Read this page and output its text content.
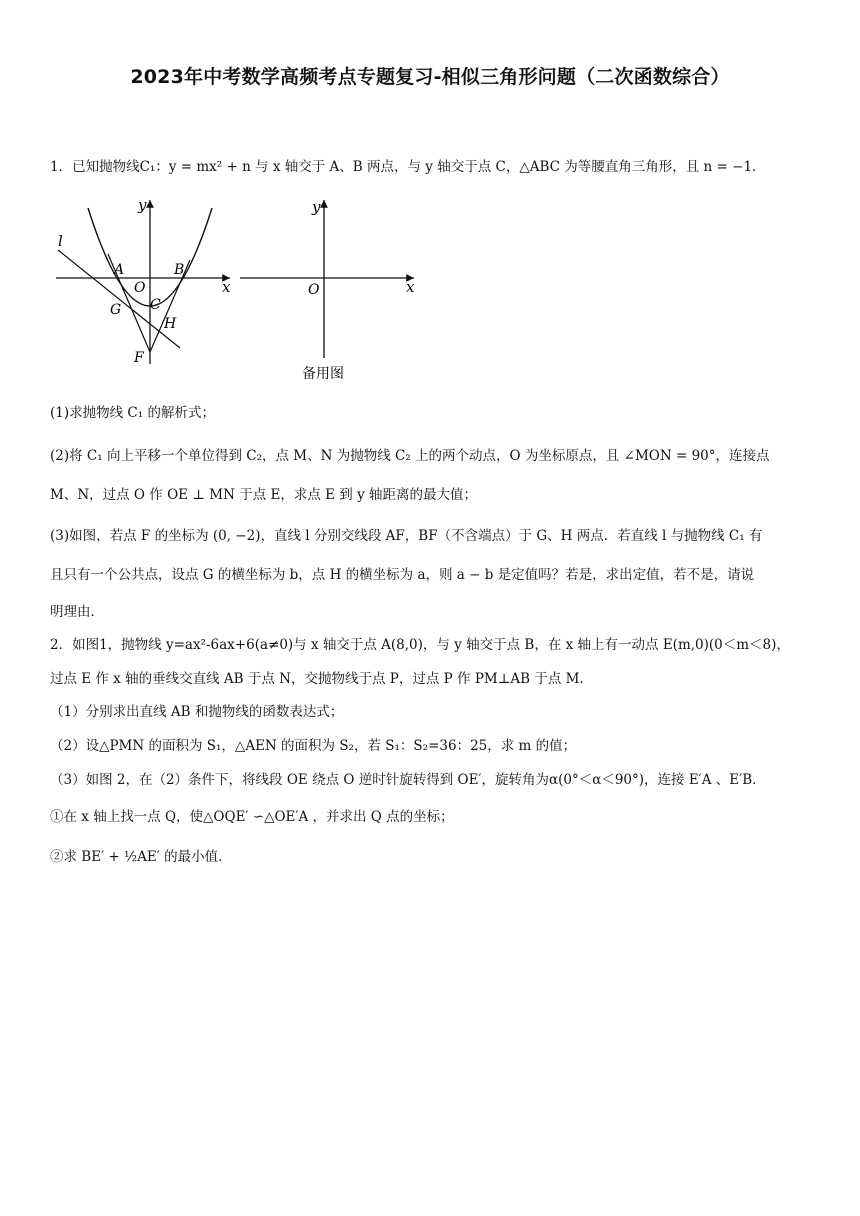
2023年中考数学高频考点专题复习-相似三角形问题（二次函数综合）
1．已知抛物线C₁：y = mx² + n 与 x 轴交于 A、B 两点，与 y 轴交于点 C，△ABC 为等腰直角三角形，且 n = −1．
l
y
x
A	B
O
C
G
H
F
y
x
O
备用图
(1)求抛物线 C₁ 的解析式；
(2)将 C₁ 向上平移一个单位得到 C₂，点 M、N 为抛物线 C₂ 上的两个动点，O 为坐标原点，且 ∠MON = 90°，连接点
M、N，过点 O 作 OE ⊥ MN 于点 E，求点 E 到 y 轴距离的最大值；
(3)如图，若点 F 的坐标为 (0, −2)，直线 l 分别交线段 AF，BF（不含端点）于 G、H 两点．若直线 l 与抛物线 C₁ 有
且只有一个公共点，设点 G 的横坐标为 b，点 H 的横坐标为 a，则 a − b 是定值吗？若是，求出定值，若不是，请说
明理由．
2．如图1，抛物线 y=ax²-6ax+6(a≠0)与 x 轴交于点 A(8,0)，与 y 轴交于点 B，在 x 轴上有一动点 E(m,0)(0＜m＜8)，
过点 E 作 x 轴的垂线交直线 AB 于点 N，交抛物线于点 P，过点 P 作 PM⊥AB 于点 M．
（1）分别求出直线 AB 和抛物线的函数表达式；
（2）设△PMN 的面积为 S₁，△AEN 的面积为 S₂，若 S₁：S₂=36：25，求 m 的值；
（3）如图 2，在（2）条件下，将线段 OE 绕点 O 逆时针旋转得到 OE′，旋转角为α(0°＜α＜90°)，连接 E′A 、E′B．
①在 x 轴上找一点 Q，使△OQE′ ∽△OE′A ，并求出 Q 点的坐标；
②求 BE′ + ½AE′ 的最小值．
